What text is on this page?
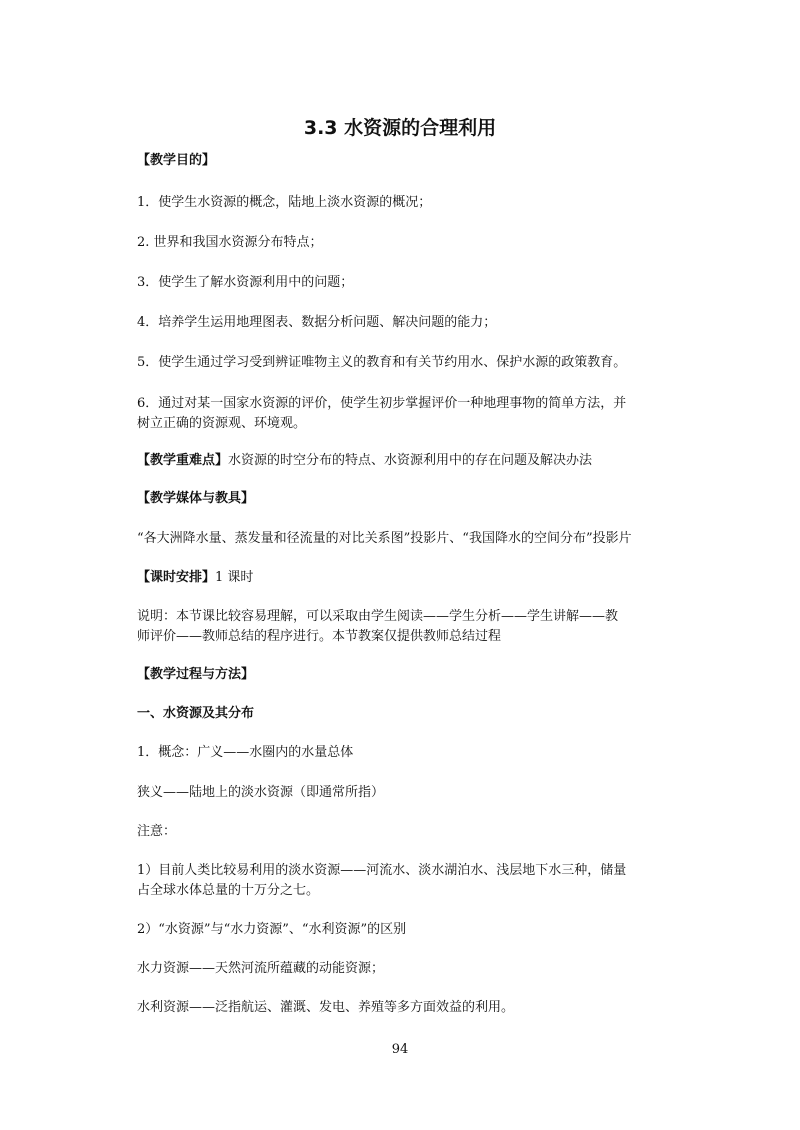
3.3 水资源的合理利用
【教学目的】
1．使学生水资源的概念，陆地上淡水资源的概况；
2. 世界和我国水资源分布特点；
3．使学生了解水资源利用中的问题；
4．培养学生运用地理图表、数据分析问题、解决问题的能力；
5．使学生通过学习受到辨证唯物主义的教育和有关节约用水、保护水源的政策教育。
6．通过对某一国家水资源的评价，使学生初步掌握评价一种地理事物的简单方法，并
树立正确的资源观、环境观。
【教学重难点】水资源的时空分布的特点、水资源利用中的存在问题及解决办法
【教学媒体与教具】
“各大洲降水量、蒸发量和径流量的对比关系图”投影片、“我国降水的空间分布”投影片
【课时安排】1 课时
说明：本节课比较容易理解，可以采取由学生阅读——学生分析——学生讲解——教
师评价——教师总结的程序进行。本节教案仅提供教师总结过程
【教学过程与方法】
一、水资源及其分布
1．概念：广义——水圈内的水量总体
狭义——陆地上的淡水资源（即通常所指）
注意：
1）目前人类比较易利用的淡水资源——河流水、淡水湖泊水、浅层地下水三种，储量
占全球水体总量的十万分之七。
2）“水资源”与“水力资源”、“水利资源”的区别
水力资源——天然河流所蕴藏的动能资源；
水利资源——泛指航运、灌溉、发电、养殖等多方面效益的利用。
94
